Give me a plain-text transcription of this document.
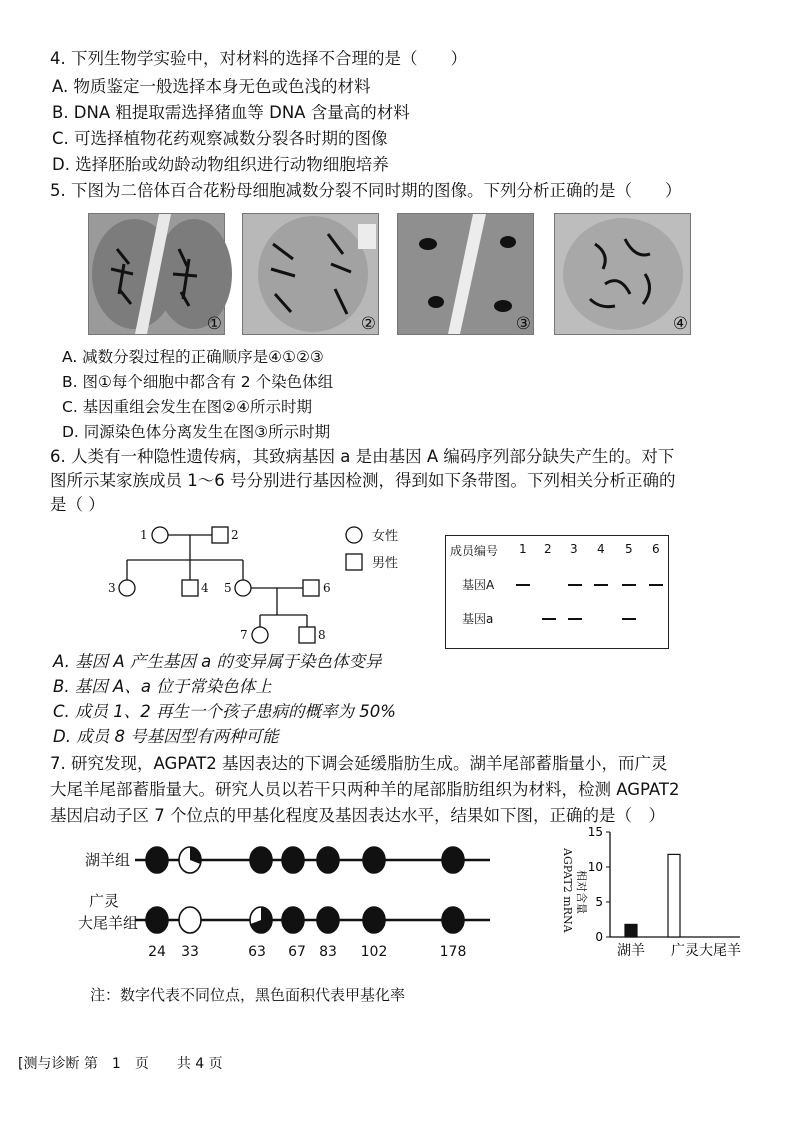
4. 下列生物学实验中，对材料的选择不合理的是（　　）
A. 物质鉴定一般选择本身无色或色浅的材料
B. DNA 粗提取需选择猪血等 DNA 含量高的材料
C. 可选择植物花药观察减数分裂各时期的图像
D. 选择胚胎或幼龄动物组织进行动物细胞培养
5. 下图为二倍体百合花粉母细胞减数分裂不同时期的图像。下列分析正确的是（　　）
①	②	③	④
A. 减数分裂过程的正确顺序是④①②③
B. 图①每个细胞中都含有 2 个染色体组
C. 基因重组会发生在图②④所示时期
D. 同源染色体分离发生在图③所示时期
6. 人类有一种隐性遗传病，其致病基因 a 是由基因 A 编码序列部分缺失产生的。对下
图所示某家族成员 1～6 号分别进行基因检测，得到如下条带图。下列相关分析正确的
是（ ）
1	2
3	4 5	6
7	8
女性
男性
成员编号 1 2 3 4 5 6
基因A
基因a
A. 基因 A 产生基因 a 的变异属于染色体变异
B. 基因 A、a 位于常染色体上
C. 成员 1、2 再生一个孩子患病的概率为 50%
D. 成员 8 号基因型有两种可能
7. 研究发现，AGPAT2 基因表达的下调会延缓脂肪生成。湖羊尾部蓄脂量小，而广灵
大尾羊尾部蓄脂量大。研究人员以若干只两种羊的尾部脂肪组织为材料，检测 AGPAT2
基因启动子区 7 个位点的甲基化程度及基因表达水平，结果如下图，正确的是（　）
湖羊组
广灵
大尾羊组
24 33	63 67 83 102	178
注：数字代表不同位点，黑色面积代表甲基化率
AGPAT2 mRNA 相对含量
15
10
5
0
湖羊 广灵大尾羊
[测与诊断 第　1　页　　共 4 页
